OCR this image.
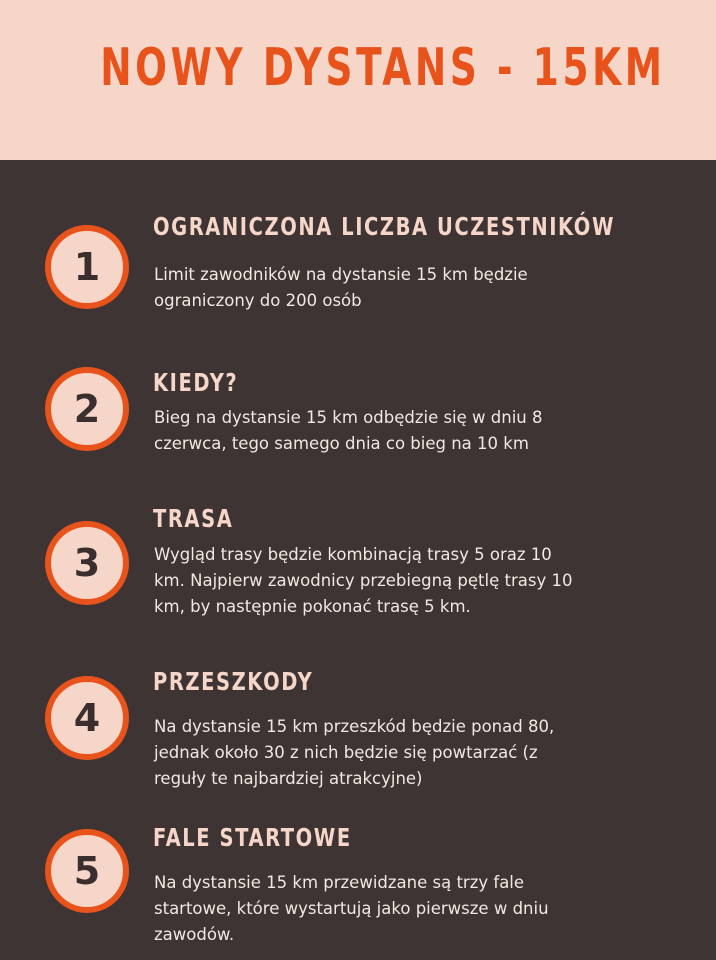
NOWY DYSTANS - 15KM
1
OGRANICZONA LICZBA UCZESTNIKÓW
Limit zawodników na dystansie 15 km będzie
ograniczony do 200 osób
2
KIEDY?
Bieg na dystansie 15 km odbędzie się w dniu 8
czerwca, tego samego dnia co bieg na 10 km
3
TRASA
Wygląd trasy będzie kombinacją trasy 5 oraz 10
km. Najpierw zawodnicy przebiegną pętlę trasy 10
km, by następnie pokonać trasę 5 km.
4
PRZESZKODY
Na dystansie 15 km przeszkód będzie ponad 80,
jednak około 30 z nich będzie się powtarzać (z
reguły te najbardziej atrakcyjne)
5
FALE STARTOWE
Na dystansie 15 km przewidzane są trzy fale
startowe, które wystartują jako pierwsze w dniu
zawodów.
